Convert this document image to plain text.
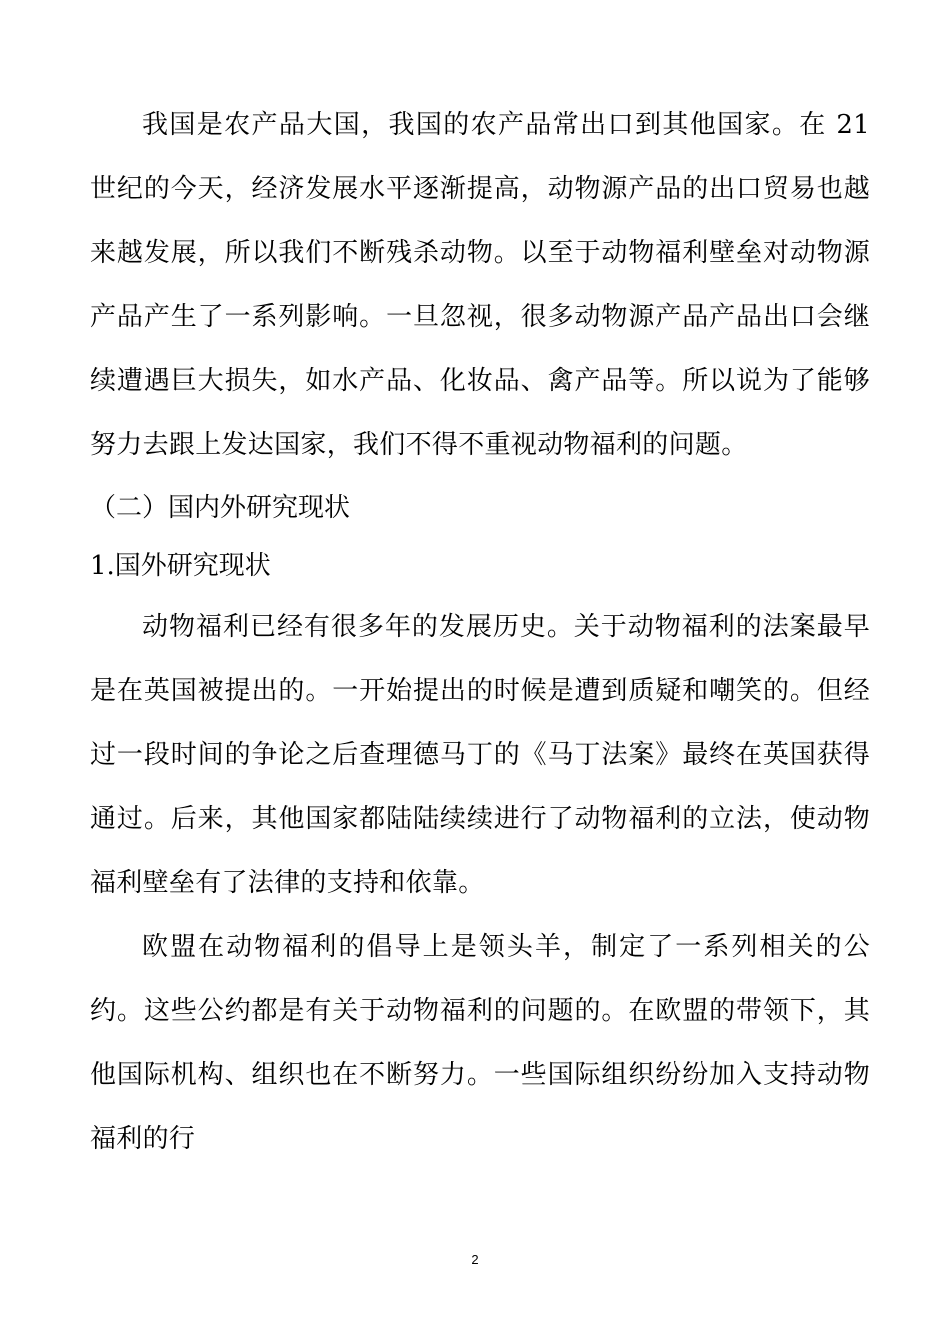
我国是农产品大国，我国的农产品常出口到其他国家。在 21 世纪的今天，经济发展水平逐渐提高，动物源产品的出口贸易也越来越发展，所以我们不断残杀动物。以至于动物福利壁垒对动物源产品产生了一系列影响。一旦忽视，很多动物源产品产品出口会继续遭遇巨大损失，如水产品、化妆品、禽产品等。所以说为了能够努力去跟上发达国家，我们不得不重视动物福利的问题。

（二）国内外研究现状

1.国外研究现状

动物福利已经有很多年的发展历史。关于动物福利的法案最早是在英国被提出的。一开始提出的时候是遭到质疑和嘲笑的。但经过一段时间的争论之后查理德马丁的《马丁法案》最终在英国获得通过。后来，其他国家都陆陆续续进行了动物福利的立法，使动物福利壁垒有了法律的支持和依靠。

欧盟在动物福利的倡导上是领头羊，制定了一系列相关的公约。这些公约都是有关于动物福利的问题的。在欧盟的带领下，其他国际机构、组织也在不断努力。一些国际组织纷纷加入支持动物福利的行

2
